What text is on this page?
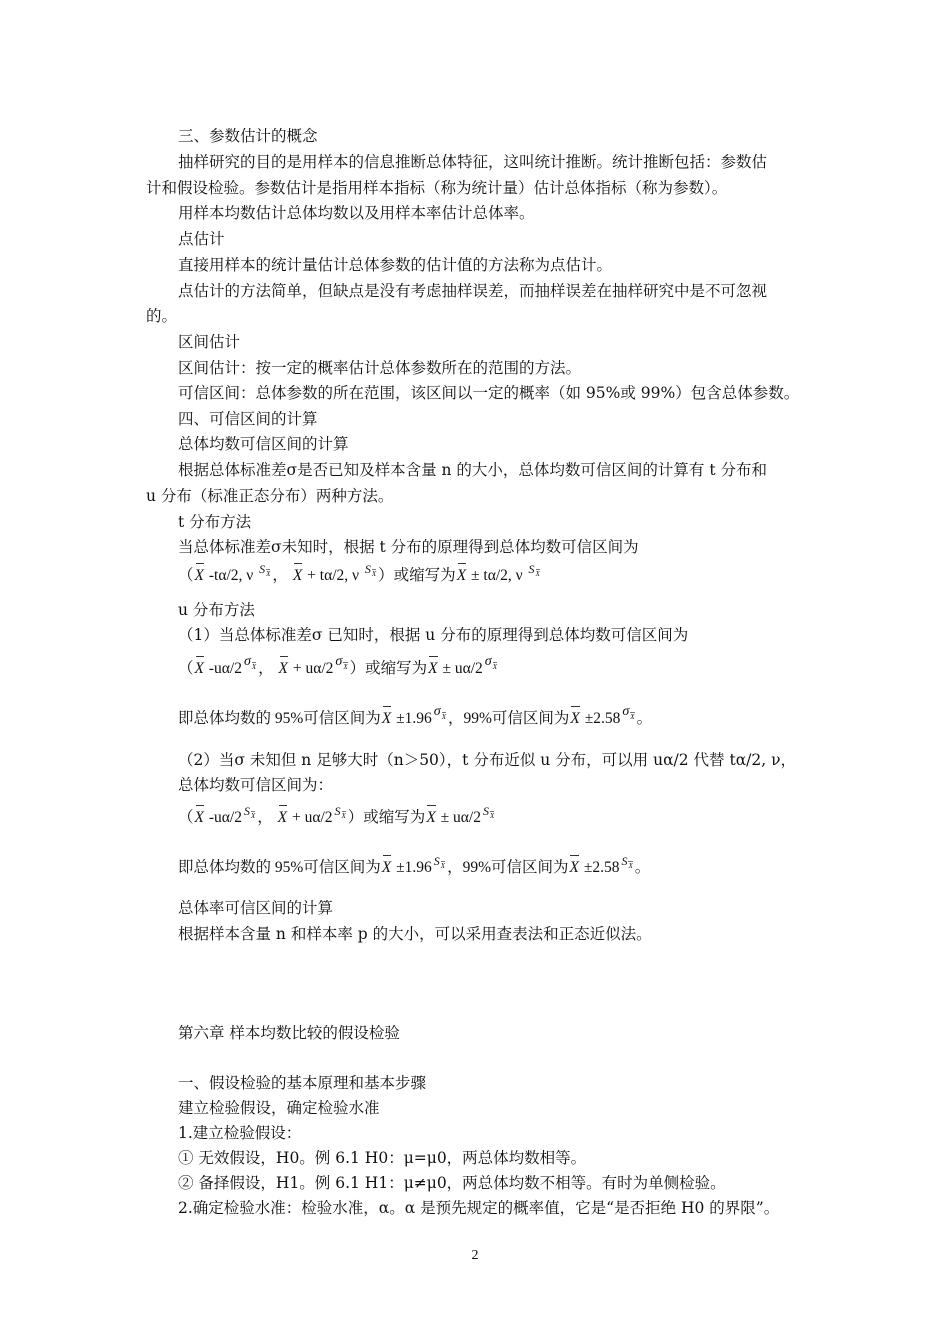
三、参数估计的概念
抽样研究的目的是用样本的信息推断总体特征，这叫统计推断。统计推断包括：参数估
计和假设检验。参数估计是指用样本指标（称为统计量）估计总体指标（称为参数）。
用样本均数估计总体均数以及用样本率估计总体率。
点估计
直接用样本的统计量估计总体参数的估计值的方法称为点估计。
点估计的方法简单，但缺点是没有考虑抽样误差，而抽样误差在抽样研究中是不可忽视
的。
区间估计
区间估计：按一定的概率估计总体参数所在的范围的方法。
可信区间：总体参数的所在范围，该区间以一定的概率（如 95%或 99%）包含总体参数。
四、可信区间的计算
总体均数可信区间的计算
根据总体标准差σ是否已知及样本含量 n 的大小，总体均数可信区间的计算有 t 分布和
u 分布（标准正态分布）两种方法。
t 分布方法
当总体标准差σ未知时，根据 t 分布的原理得到总体均数可信区间为
（X -tα/2, ν $S_X$ ， X + tα/2, ν $S_X$ ）或缩写为X ± tα/2, ν $S_X$
u 分布方法
（1）当总体标准差σ 已知时，根据 u 分布的原理得到总体均数可信区间为
（X -uα/2 $\sigma_X$ ， X + uα/2 $\sigma_X$ ）或缩写为X ± uα/2 $\sigma_X$
即总体均数的 95%可信区间为X ±1.96 $\sigma_X$ ，99%可信区间为X ±2.58 $\sigma_X$ 。
（2）当σ 未知但 n 足够大时（n＞50），t 分布近似 u 分布，可以用 uα/2 代替 tα/2, ν，
总体均数可信区间为：
（X -uα/2 $S_X$ ， X + uα/2 $S_X$ ）或缩写为X ± uα/2 $S_X$
即总体均数的 95%可信区间为X ±1.96 $S_X$ ，99%可信区间为X ±2.58 $S_X$ 。
总体率可信区间的计算
根据样本含量 n 和样本率 p 的大小，可以采用查表法和正态近似法。
第六章 样本均数比较的假设检验
一、假设检验的基本原理和基本步骤
建立检验假设，确定检验水准
1.建立检验假设：
① 无效假设，H0。例 6.1 H0：μ=μ0，两总体均数相等。
② 备择假设，H1。例 6.1 H1：μ≠μ0，两总体均数不相等。有时为单侧检验。
2.确定检验水准：检验水准，α。α 是预先规定的概率值，它是“是否拒绝 H0 的界限”。
2
